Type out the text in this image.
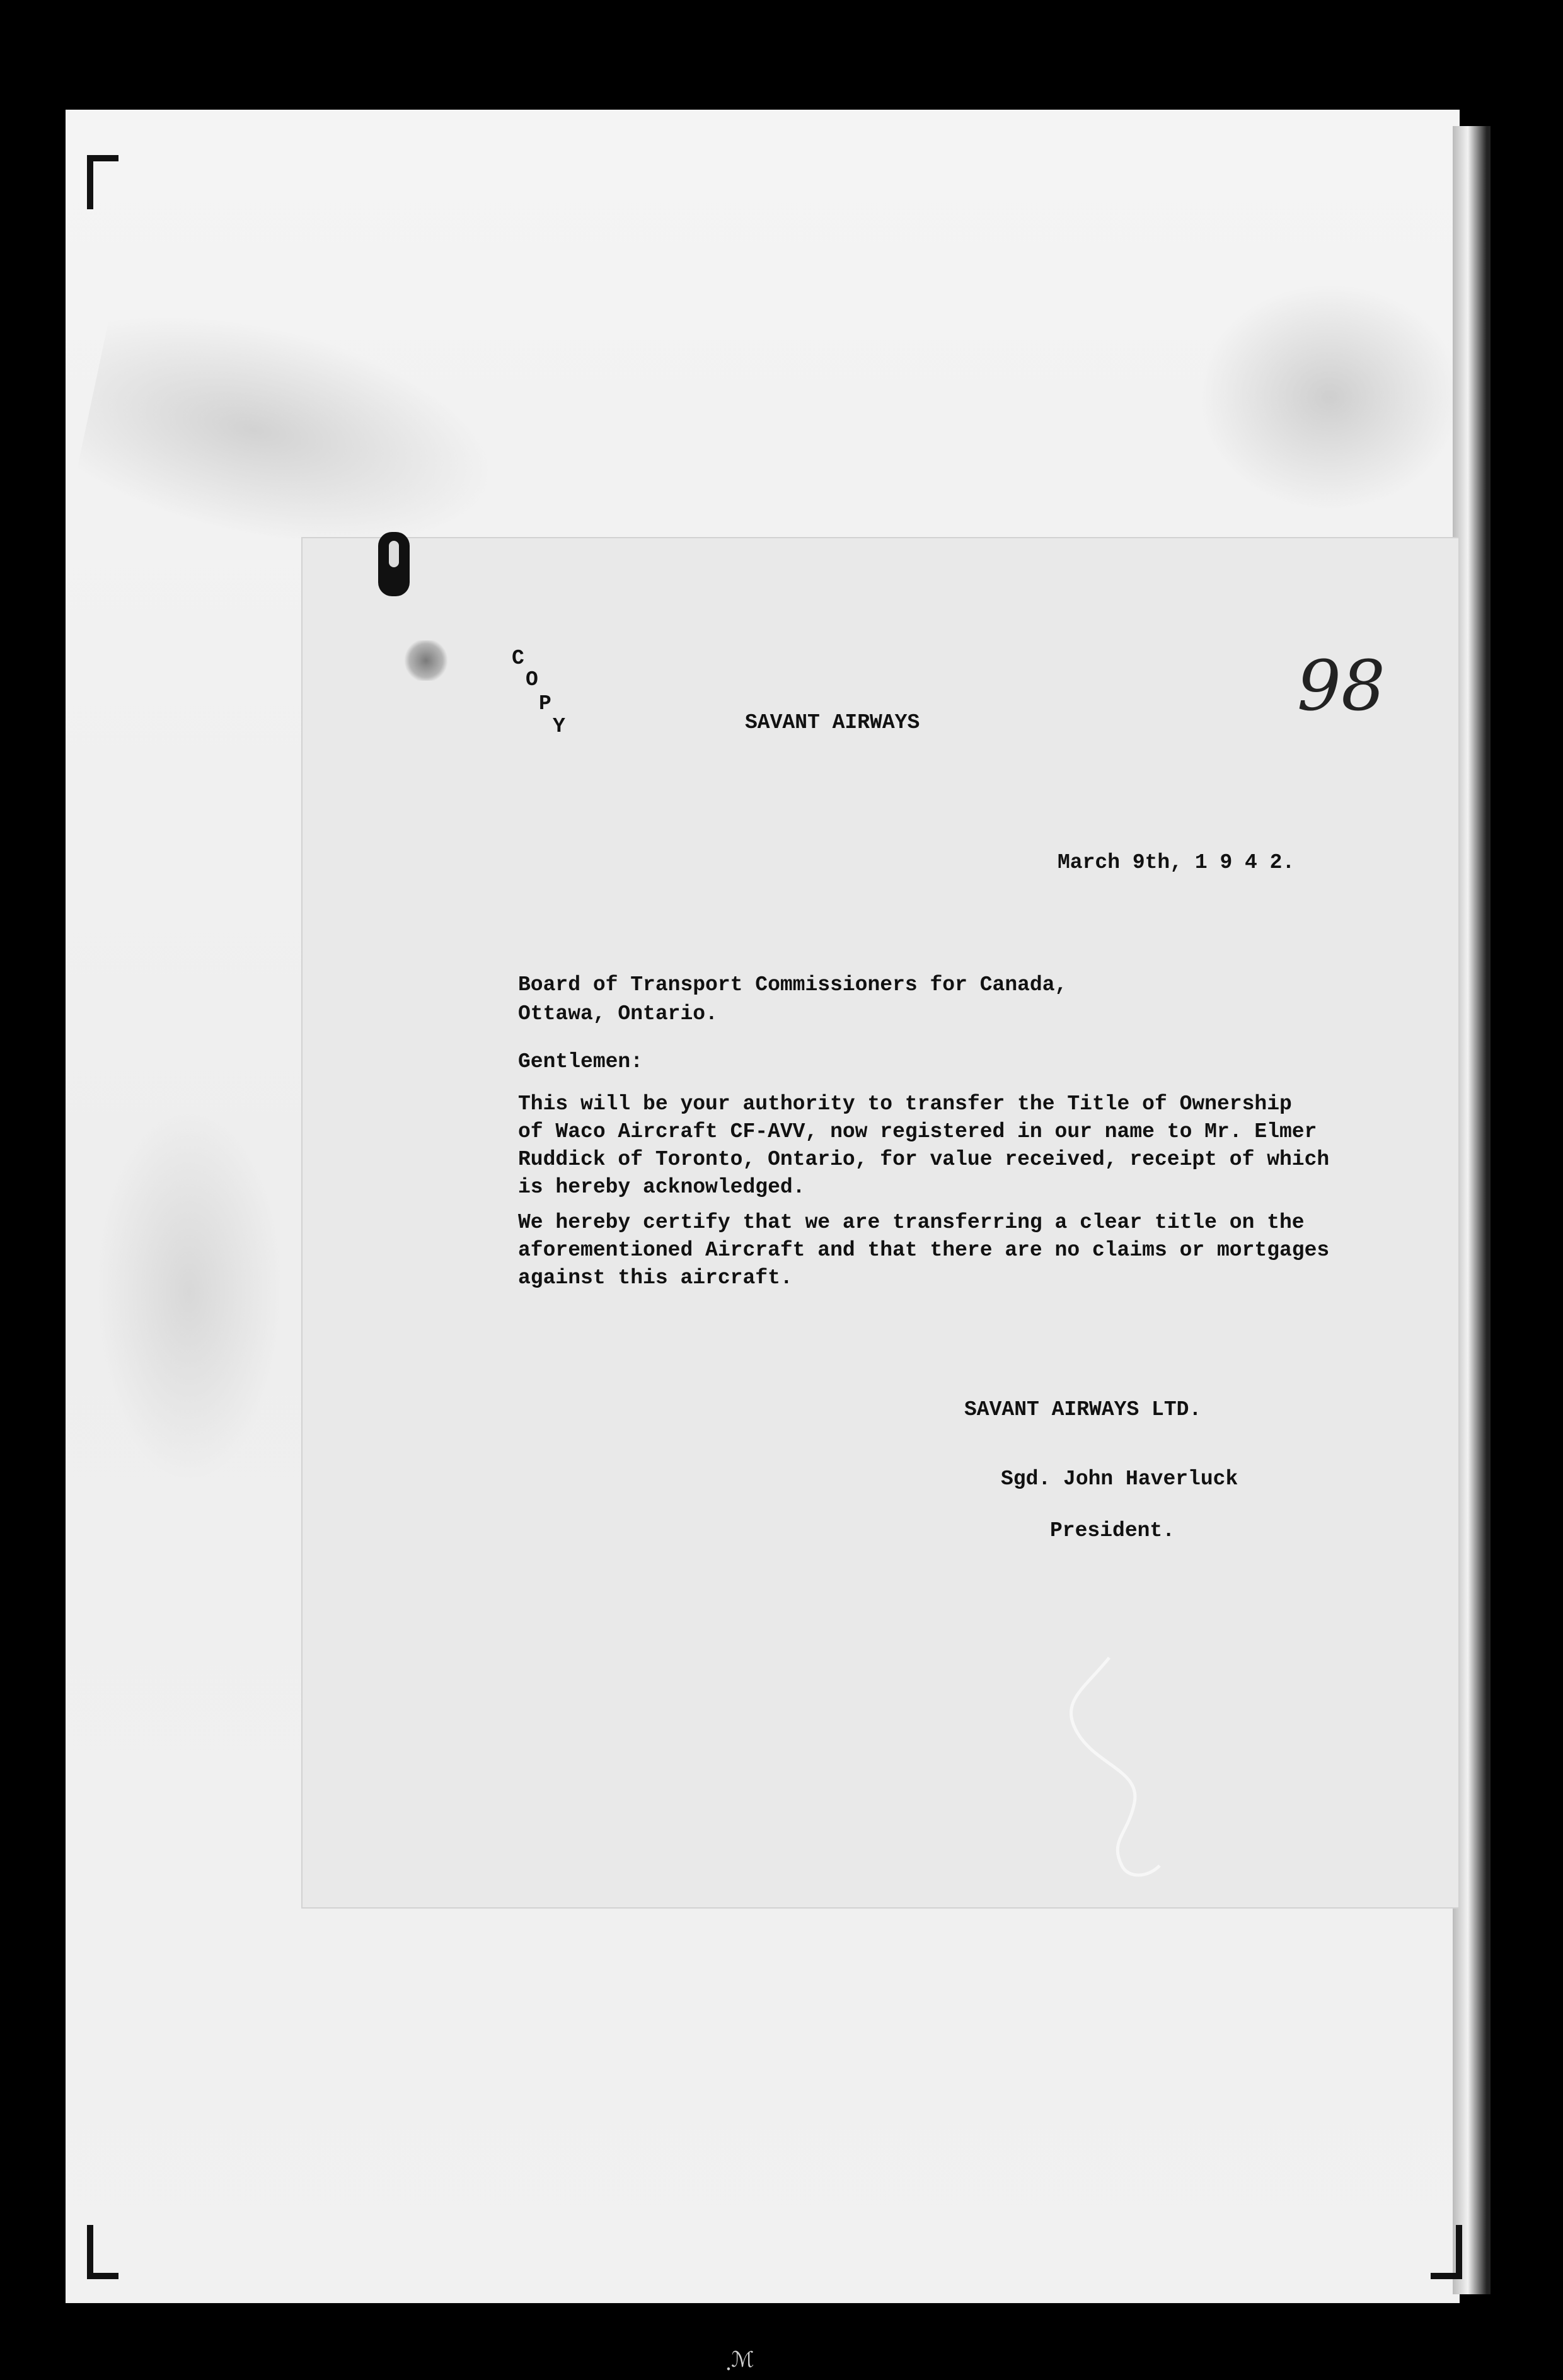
98
C
O
P
Y	SAVANT AIRWAYS
March 9th, 1 9 4 2.
Board of Transport Commissioners for Canada,
Ottawa, Ontario.
Gentlemen:
This will be your authority to transfer the Title of Ownership
of Waco Aircraft CF-AVV, now registered in our name to Mr. Elmer
Ruddick of Toronto, Ontario, for value received, receipt of which
is hereby acknowledged.
We hereby certify that we are transferring a clear title on the
aforementioned Aircraft and that there are no claims or mortgages
against this aircraft.
SAVANT AIRWAYS LTD.
Sgd. John Haverluck
President.
ฺℳ
